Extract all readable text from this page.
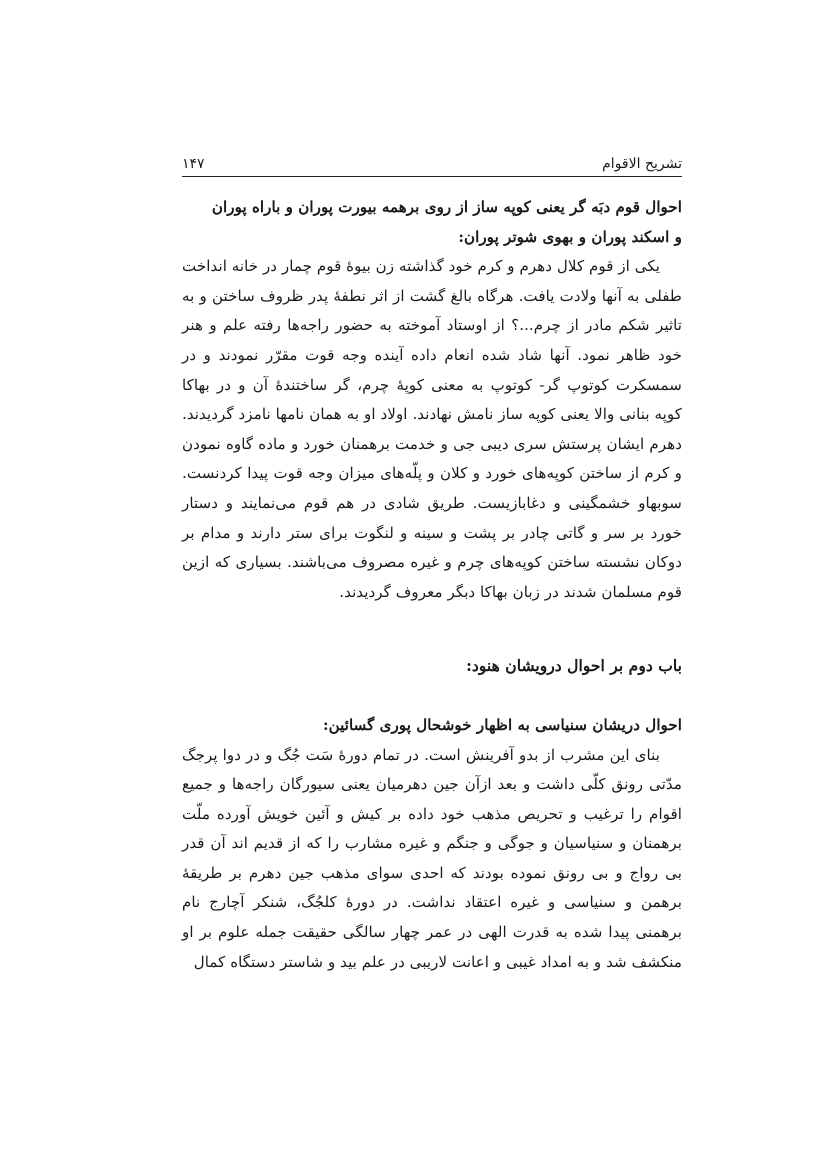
تشریح الاقوام
۱۴۷
احوال قوم دبَه گر یعنی کوپه ساز از روی برهمه بیورت پوران و باراه پوران
و اسکند پوران و بهوی شوتر پوران:

یکی از قوم کلال دهرم و کرم خود گذاشته زن بیوهٔ قوم چمار در خانه انداخت طفلی به آنها ولادت یافت. هرگاه بالغ گشت از اثر نطفهٔ پدر ظروف ساختن و به تاثیر شکم مادر از چرم...؟ از اوستاد آموخته به حضور راجه‌ها رفته علم و هنر خود ظاهر نمود. آنها شاد شده انعام داده آینده وجه قوت مقرّر نمودند و در سمسکرت کوتوپ گر- کوتوپ به معنی کوپهٔ چرم، گر ساختندهٔ آن و در بهاکا کوپه بنانی والا یعنی کوپه ساز نامش نهادند. اولاد او به همان نامها نامزد گردیدند. دهرم ایشان پرستش سری دیبی جی و خدمت برهمنان خورد و ماده گاوه نمودن و کرم از ساختن کوپه‌های خورد و کلان و پلّه‌های میزان وجه قوت پیدا کردنست. سوبهاو خشمگینی و دغابازیست. طریق شادی در هم قوم می‌نمایند و دستار خورد بر سر و گاتی چادر بر پشت و سینه و لنگوت برای ستر دارند و مدام بر دوکان نشسته ساختن کوپه‌های چرم و غیره مصروف می‌باشند. بسیاری که ازین قوم مسلمان شدند در زبان بهاکا دبگر معروف گردیدند.

باب دوم بر احوال درویشان هنود:
احوال دریشان سنیاسی به اظهار خوشحال پوری گسائین:

بنای این مشرب از بدو آفرینش است. در تمام دورهٔ سَت جُگ و در دوا پرجگ مدّتی رونق کلّی داشت و بعد ازآن جین دهرمیان یعنی سیورگان راجه‌ها و جمیع اقوام را ترغیب و تحریص مذهب خود داده بر کیش و آئین خویش آورده ملّت برهمنان و سنیاسیان و جوگی و جنگم و غیره مشارب را که از قدیم اند آن قدر بی رواج و بی رونق نموده بودند که احدی سوای مذهب جین دهرم بر طریقهٔ برهمن و سنیاسی و غیره اعتقاد نداشت. در دورهٔ کلجُگ، شنکر آچارج نام برهمنی پیدا شده به قدرت الهی در عمر چهار سالگی حقیقت جمله علوم بر او منکشف شد و به امداد غیبی و اعانت لاریبی در علم بید و شاستر دستگاه کمال
